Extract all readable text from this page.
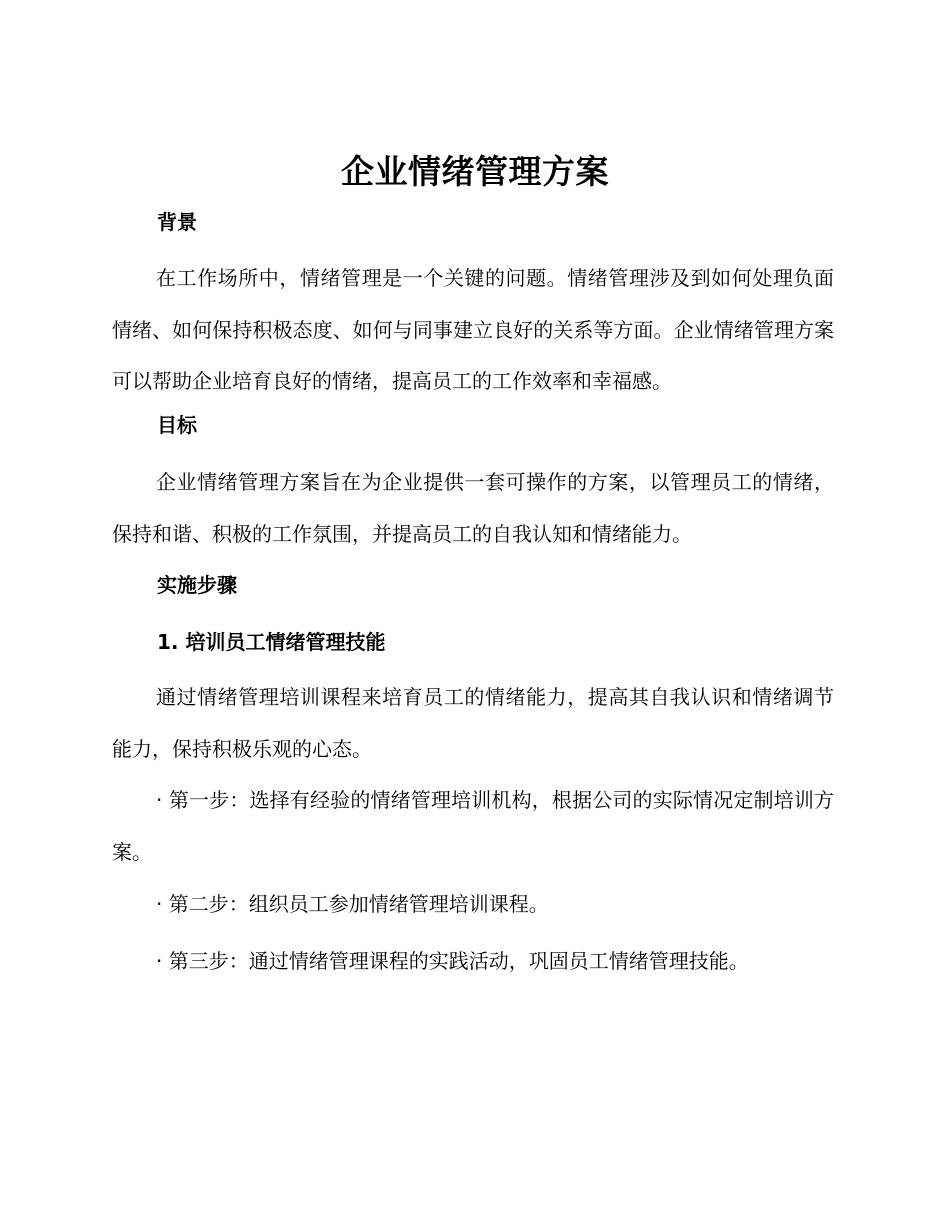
企业情绪管理方案
背景

在工作场所中，情绪管理是一个关键的问题。情绪管理涉及到如何处理负面情绪、如何保持积极态度、如何与同事建立良好的关系等方面。企业情绪管理方案可以帮助企业培育良好的情绪，提高员工的工作效率和幸福感。

目标

企业情绪管理方案旨在为企业提供一套可操作的方案，以管理员工的情绪，保持和谐、积极的工作氛围，并提高员工的自我认知和情绪能力。

实施步骤
1. 培训员工情绪管理技能

通过情绪管理培训课程来培育员工的情绪能力，提高其自我认识和情绪调节能力，保持积极乐观的心态。

· 第一步：选择有经验的情绪管理培训机构，根据公司的实际情况定制培训方案。

· 第二步：组织员工参加情绪管理培训课程。

· 第三步：通过情绪管理课程的实践活动，巩固员工情绪管理技能。
